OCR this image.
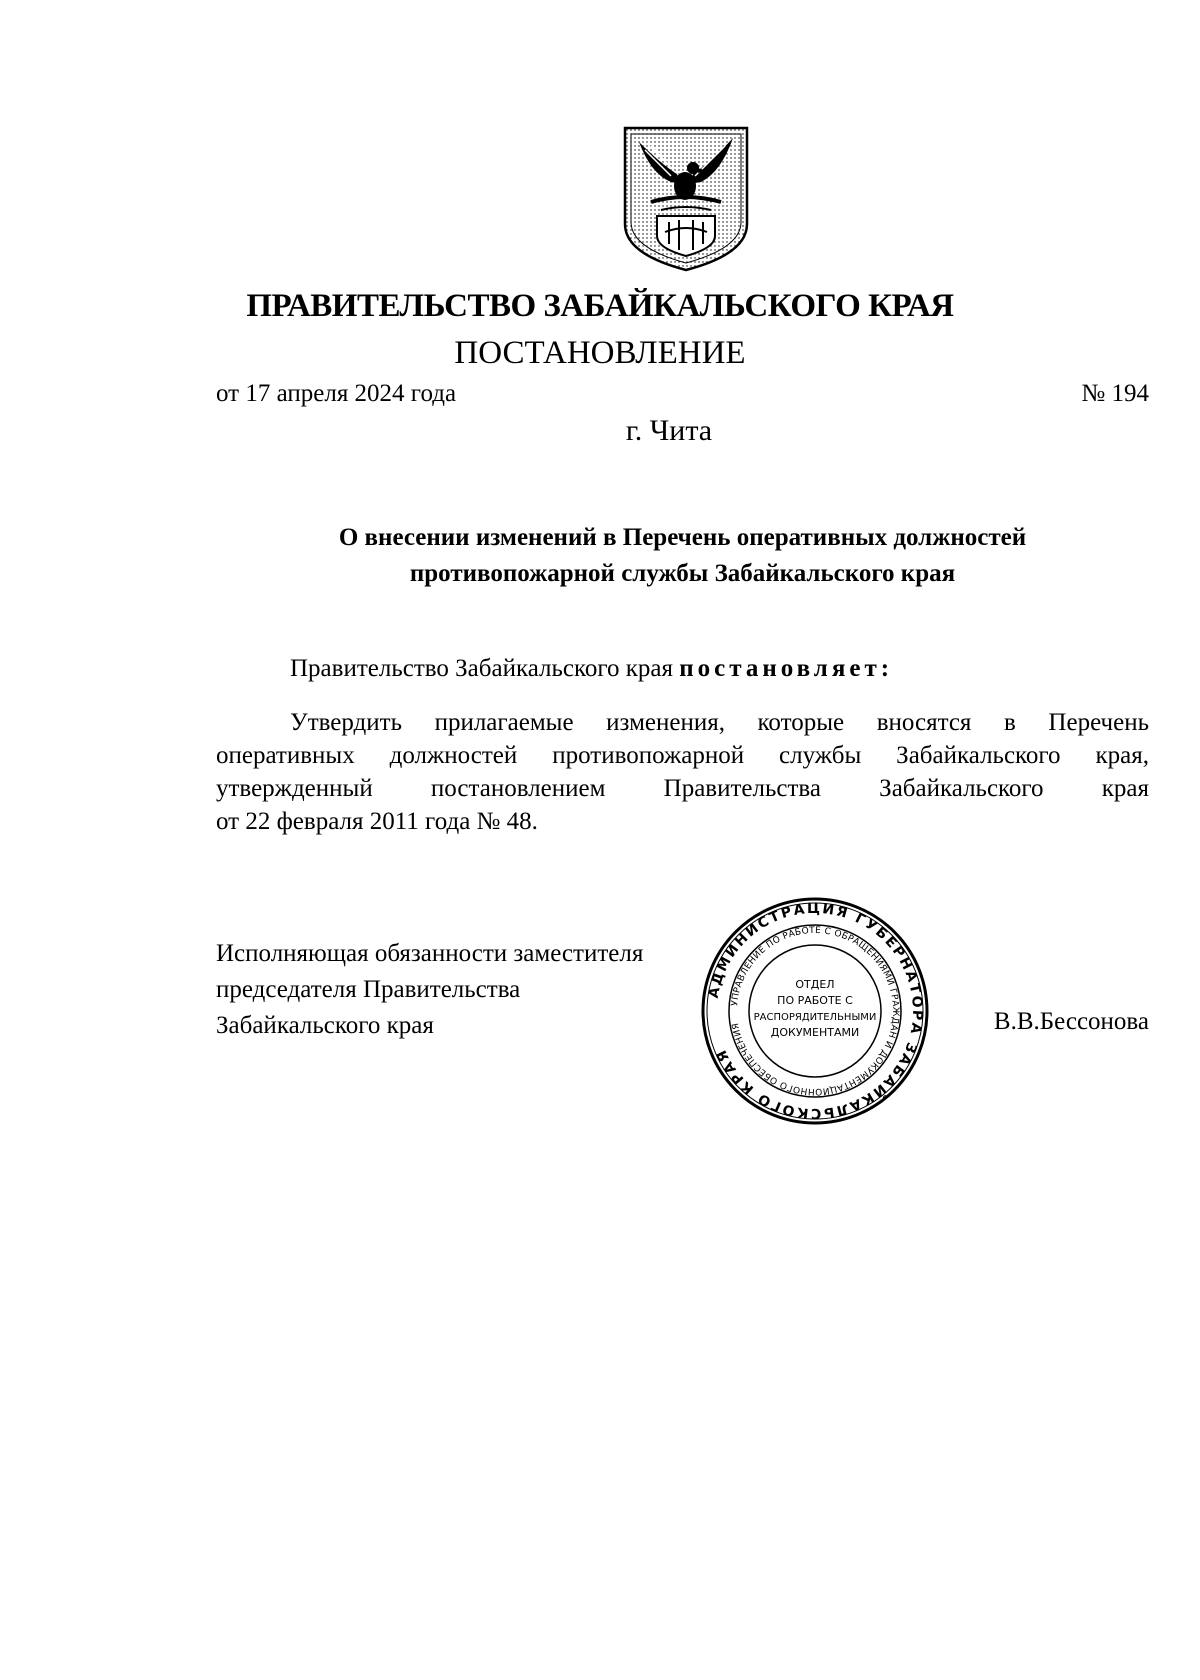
ПРАВИТЕЛЬСТВО ЗАБАЙКАЛЬСКОГО КРАЯ
ПОСТАНОВЛЕНИЕ
от 17 апреля 2024 года	№ 194
г. Чита
О внесении изменений в Перечень оперативных должностей
противопожарной службы Забайкальского края
Правительство Забайкальского края постановляет:
Утвердить прилагаемые изменения, которые вносятся в Перечень
оперативных должностей противопожарной службы Забайкальского края,
утвержденный постановлением Правительства Забайкальского края
от 22 февраля 2011 года № 48.
Исполняющая обязанности заместителя
председателя Правительства
Забайкальского края	В.В.Бессонова
АДМИНИСТРАЦИЯ ГУБЕРНАТОРА ЗАБАЙКАЛЬСКОГО КРАЯ
УПРАВЛЕНИЕ ПО РАБОТЕ С ОБРАЩЕНИЯМИ ГРАЖДАН И ДОКУМЕНТАЦИОННОГО ОБЕСПЕЧЕНИЯ
ОТДЕЛ
ПО РАБОТЕ С
РАСПОРЯДИТЕЛЬНЫМИ
ДОКУМЕНТАМИ
